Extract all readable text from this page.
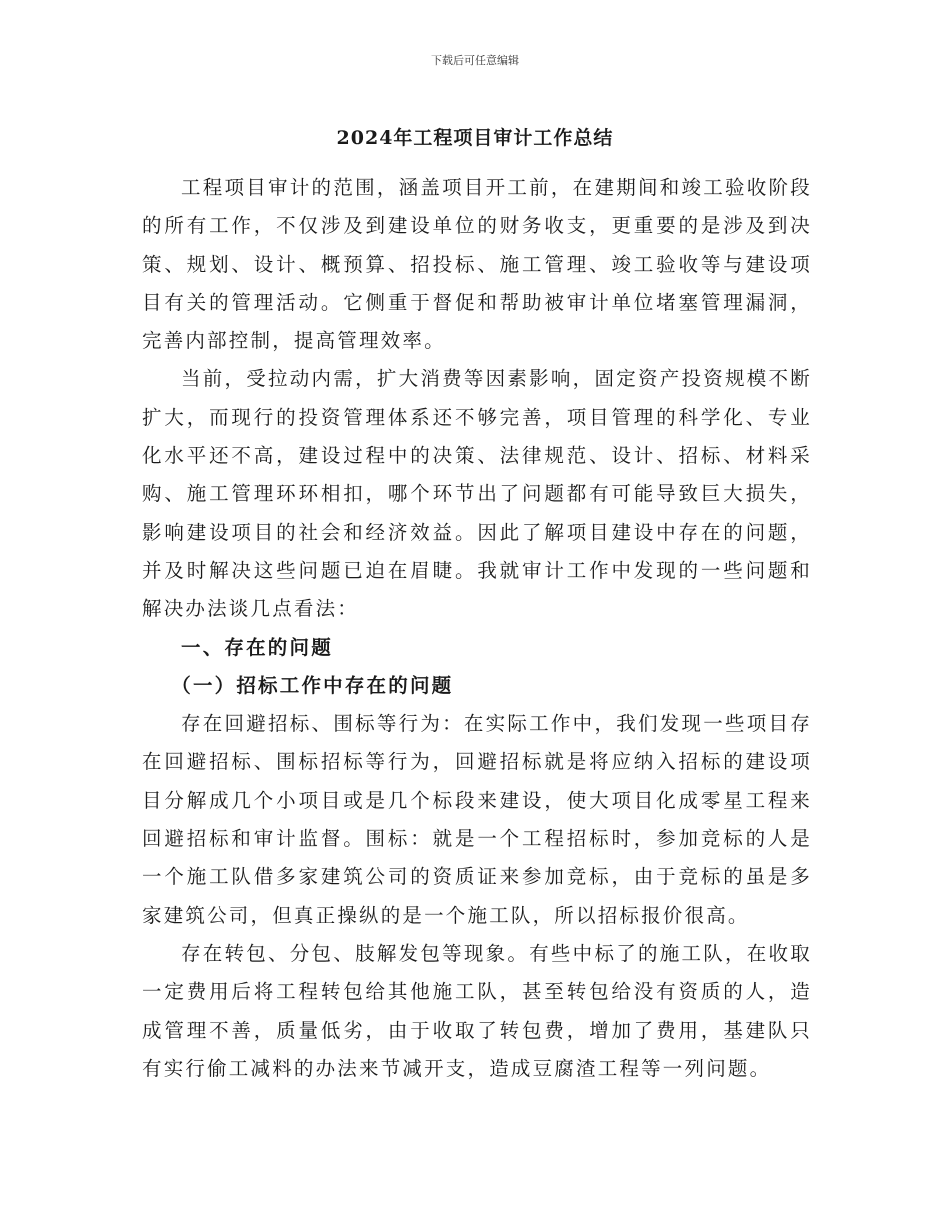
下载后可任意编辑
2024年工程项目审计工作总结

工程项目审计的范围，涵盖项目开工前，在建期间和竣工验收阶段的所有工作，不仅涉及到建设单位的财务收支，更重要的是涉及到决策、规划、设计、概预算、招投标、施工管理、竣工验收等与建设项目有关的管理活动。它侧重于督促和帮助被审计单位堵塞管理漏洞，完善内部控制，提高管理效率。

当前，受拉动内需，扩大消费等因素影响，固定资产投资规模不断扩大，而现行的投资管理体系还不够完善，项目管理的科学化、专业化水平还不高，建设过程中的决策、法律规范、设计、招标、材料采购、施工管理环环相扣，哪个环节出了问题都有可能导致巨大损失，影响建设项目的社会和经济效益。因此了解项目建设中存在的问题，并及时解决这些问题已迫在眉睫。我就审计工作中发现的一些问题和解决办法谈几点看法：

一、存在的问题

（一）招标工作中存在的问题

存在回避招标、围标等行为：在实际工作中，我们发现一些项目存在回避招标、围标招标等行为，回避招标就是将应纳入招标的建设项目分解成几个小项目或是几个标段来建设，使大项目化成零星工程来回避招标和审计监督。围标：就是一个工程招标时，参加竞标的人是一个施工队借多家建筑公司的资质证来参加竞标，由于竞标的虽是多家建筑公司，但真正操纵的是一个施工队，所以招标报价很高。

存在转包、分包、肢解发包等现象。有些中标了的施工队，在收取一定费用后将工程转包给其他施工队，甚至转包给没有资质的人，造成管理不善，质量低劣，由于收取了转包费，增加了费用，基建队只有实行偷工减料的办法来节减开支，造成豆腐渣工程等一列问题。
